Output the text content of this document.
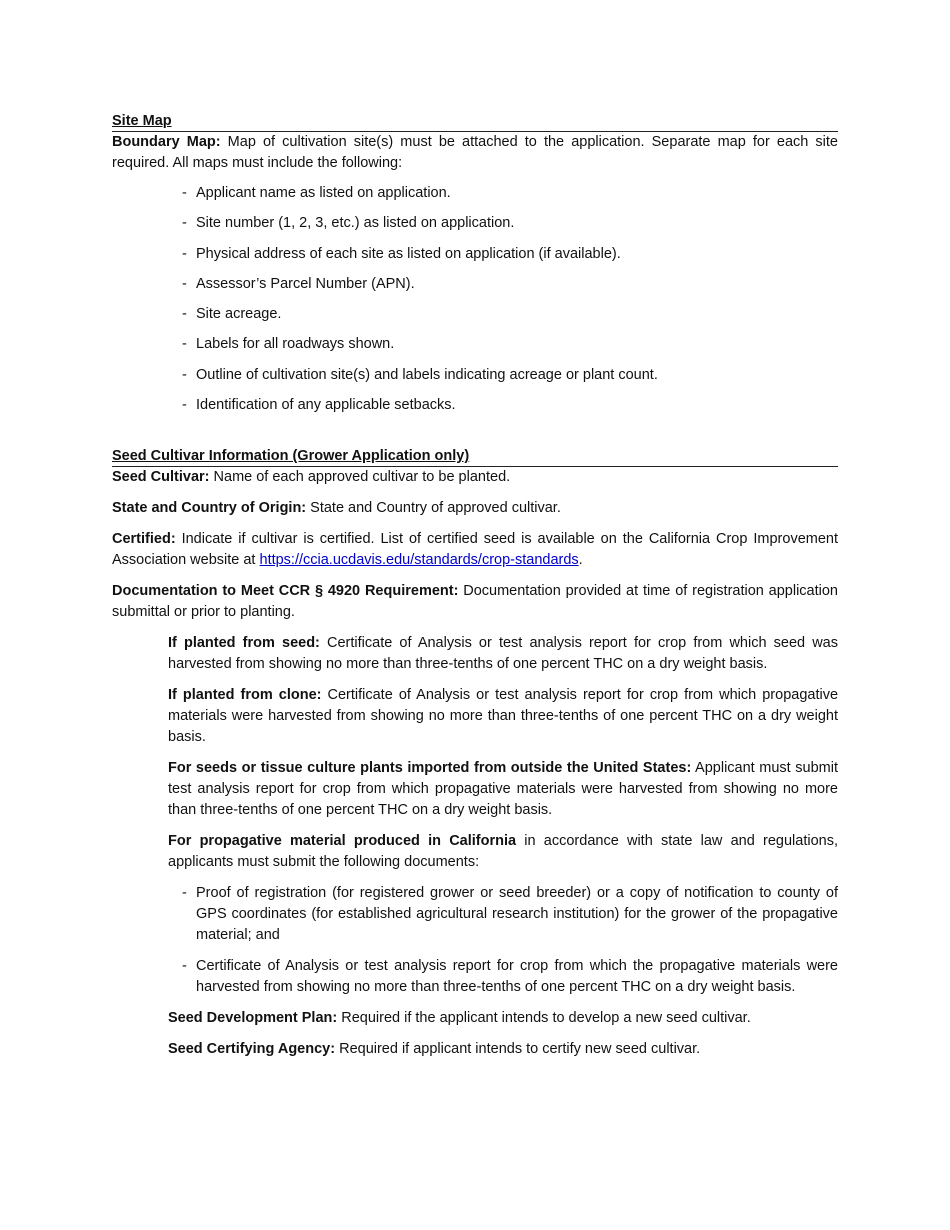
Site Map

Boundary Map: Map of cultivation site(s) must be attached to the application. Separate map for each site required. All maps must include the following:

- Applicant name as listed on application.
- Site number (1, 2, 3, etc.) as listed on application.
- Physical address of each site as listed on application (if available).
- Assessor’s Parcel Number (APN).
- Site acreage.
- Labels for all roadways shown.
- Outline of cultivation site(s) and labels indicating acreage or plant count.
- Identification of any applicable setbacks.
Seed Cultivar Information (Grower Application only)

Seed Cultivar: Name of each approved cultivar to be planted.

State and Country of Origin: State and Country of approved cultivar.

Certified: Indicate if cultivar is certified. List of certified seed is available on the California Crop Improvement Association website at https://ccia.ucdavis.edu/standards/crop-standards.

Documentation to Meet CCR § 4920 Requirement: Documentation provided at time of registration application submittal or prior to planting.

If planted from seed: Certificate of Analysis or test analysis report for crop from which seed was harvested from showing no more than three-tenths of one percent THC on a dry weight basis.

If planted from clone: Certificate of Analysis or test analysis report for crop from which propagative materials were harvested from showing no more than three-tenths of one percent THC on a dry weight basis.

For seeds or tissue culture plants imported from outside the United States: Applicant must submit test analysis report for crop from which propagative materials were harvested from showing no more than three-tenths of one percent THC on a dry weight basis.

For propagative material produced in California in accordance with state law and regulations, applicants must submit the following documents:

- Proof of registration (for registered grower or seed breeder) or a copy of notification to county of GPS coordinates (for established agricultural research institution) for the grower of the propagative material; and
- Certificate of Analysis or test analysis report for crop from which the propagative materials were harvested from showing no more than three-tenths of one percent THC on a dry weight basis.

Seed Development Plan: Required if the applicant intends to develop a new seed cultivar.

Seed Certifying Agency: Required if applicant intends to certify new seed cultivar.
